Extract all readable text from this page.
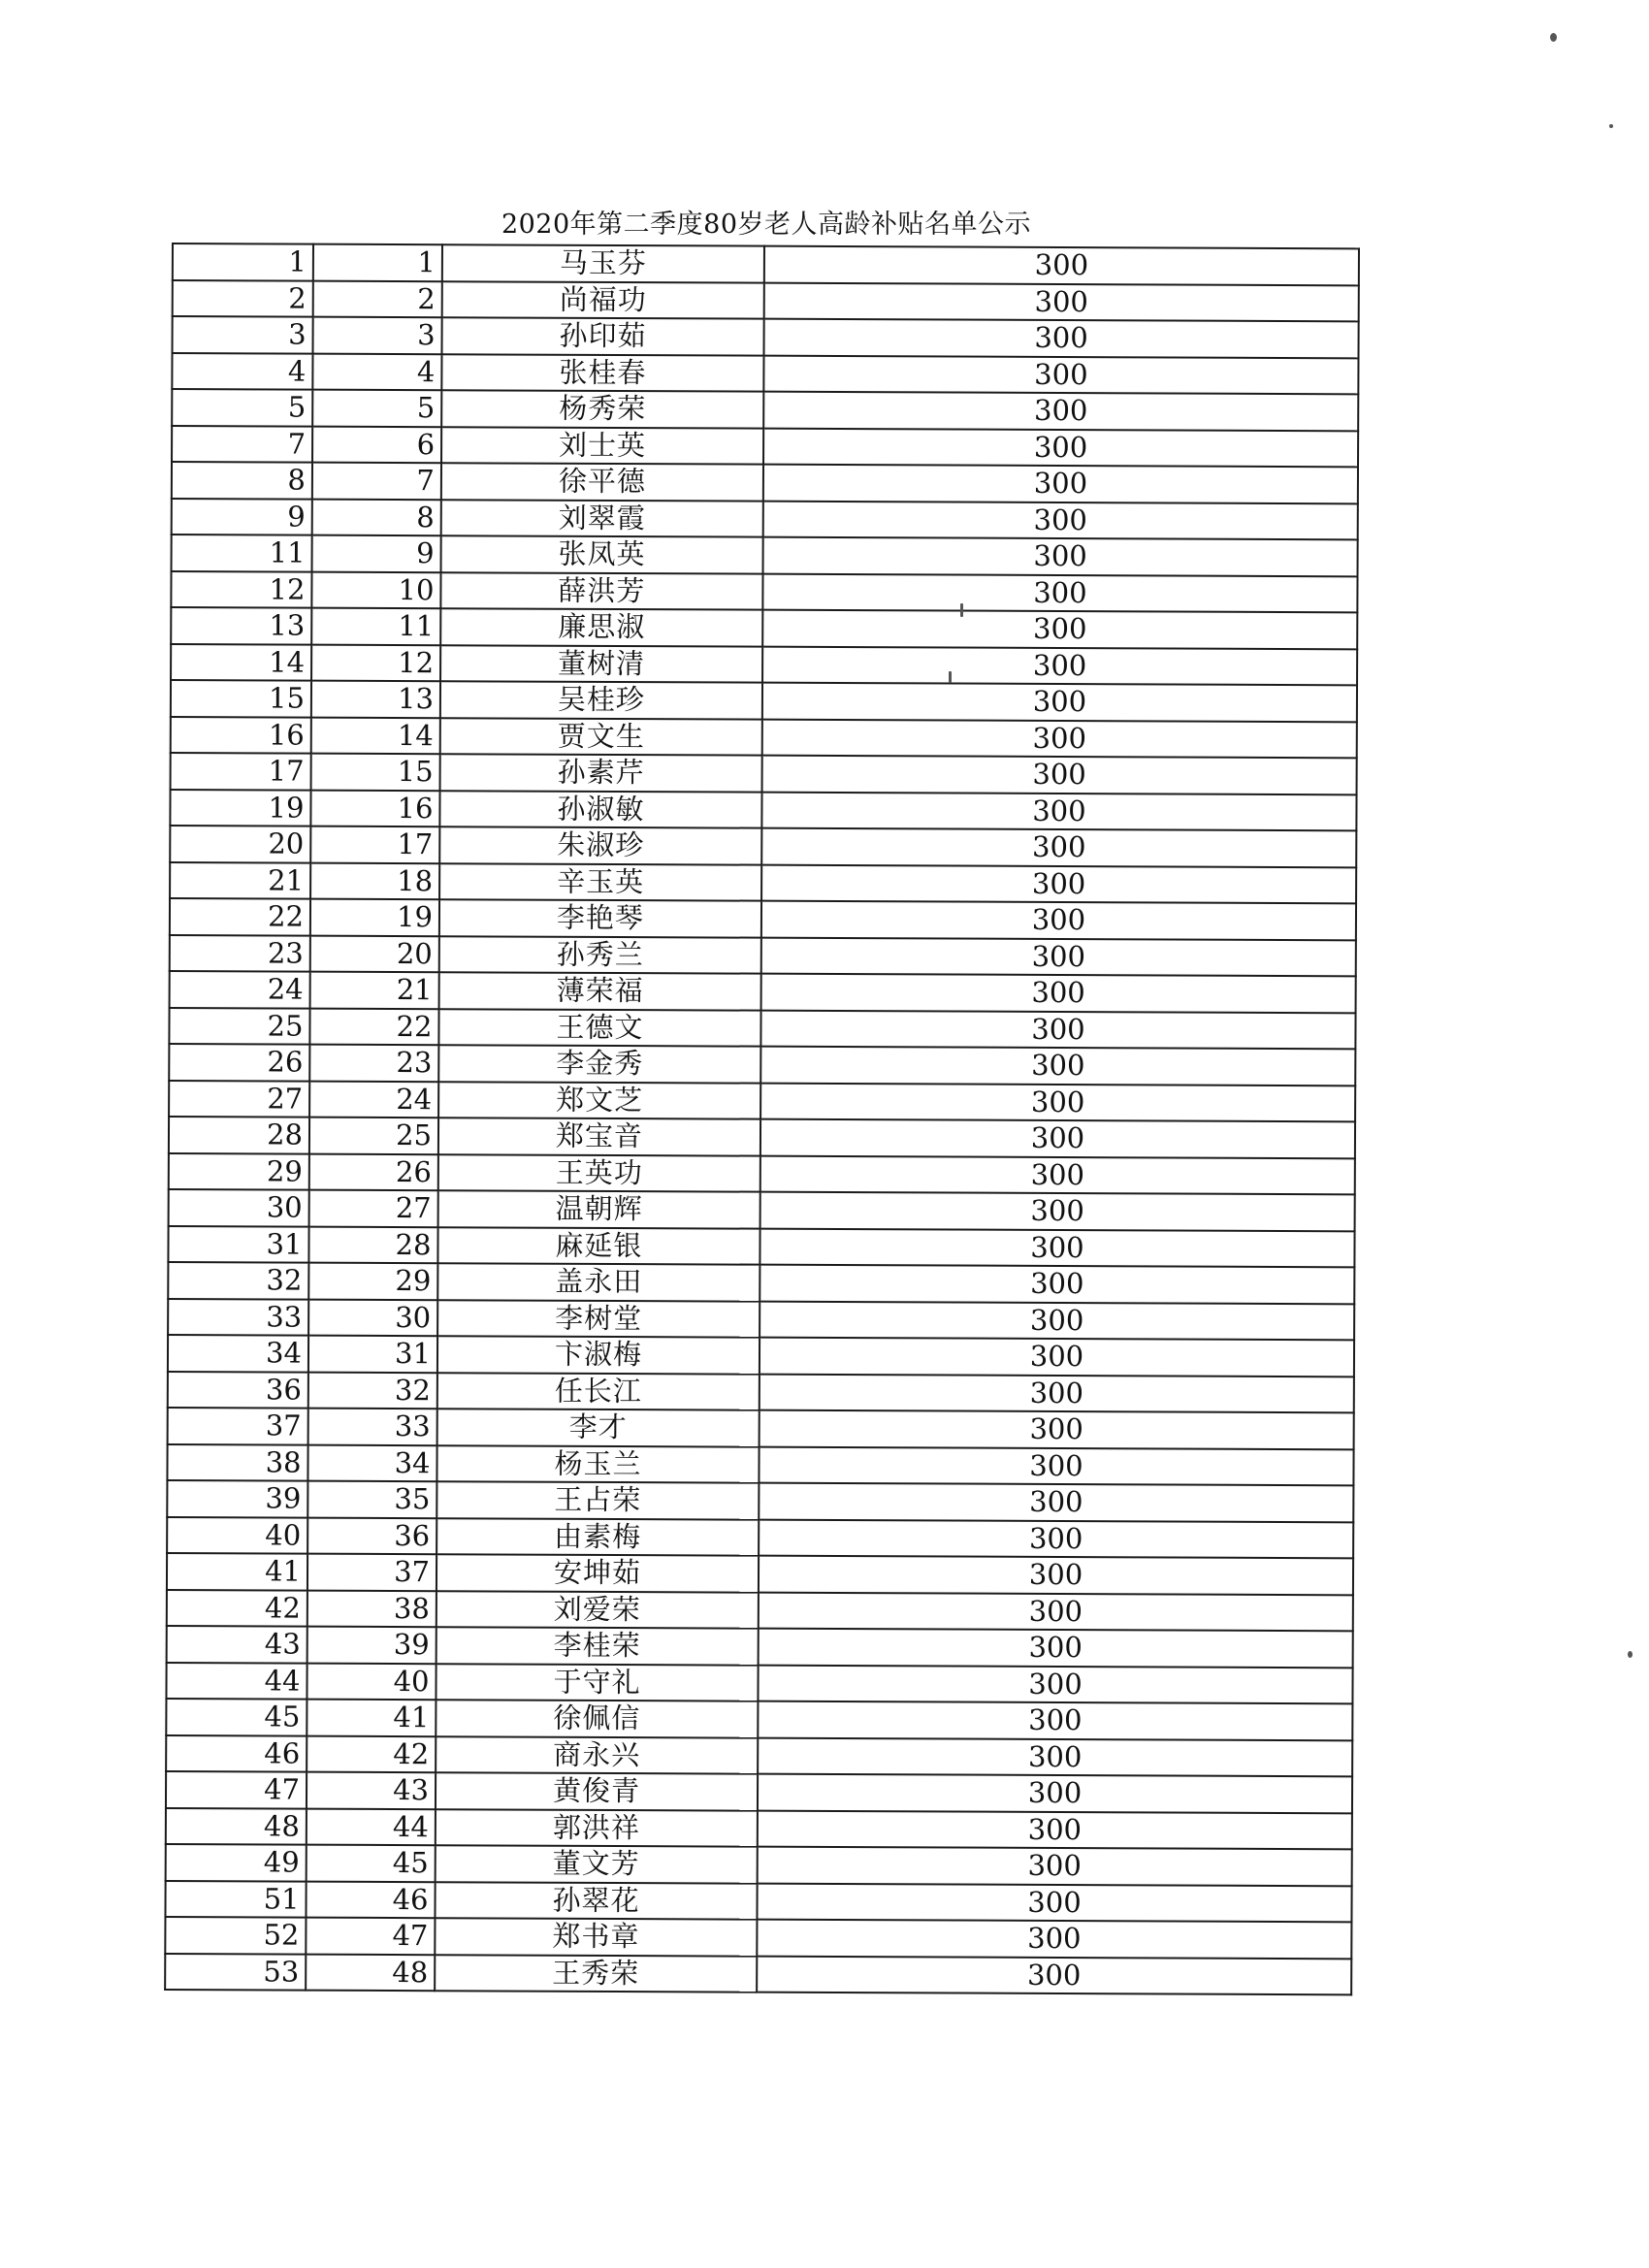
2020年第二季度80岁老人高龄补贴名单公示
1	1	马玉芬	300
2	2	尚福功	300
3	3	孙印茹	300
4	4	张桂春	300
5	5	杨秀荣	300
7	6	刘士英	300
8	7	徐平德	300
9	8	刘翠霞	300
11	9	张凤英	300
12	10	薛洪芳	300
13	11	廉思淑	300
14	12	董树清	300
15	13	吴桂珍	300
16	14	贾文生	300
17	15	孙素芹	300
19	16	孙淑敏	300
20	17	朱淑珍	300
21	18	辛玉英	300
22	19	李艳琴	300
23	20	孙秀兰	300
24	21	薄荣福	300
25	22	王德文	300
26	23	李金秀	300
27	24	郑文芝	300
28	25	郑宝音	300
29	26	王英功	300
30	27	温朝辉	300
31	28	麻延银	300
32	29	盖永田	300
33	30	李树堂	300
34	31	卞淑梅	300
36	32	任长江	300
37	33	李才	300
38	34	杨玉兰	300
39	35	王占荣	300
40	36	由素梅	300
41	37	安坤茹	300
42	38	刘爱荣	300
43	39	李桂荣	300
44	40	于守礼	300
45	41	徐佩信	300
46	42	商永兴	300
47	43	黄俊青	300
48	44	郭洪祥	300
49	45	董文芳	300
51	46	孙翠花	300
52	47	郑书章	300
53	48	王秀荣	300
